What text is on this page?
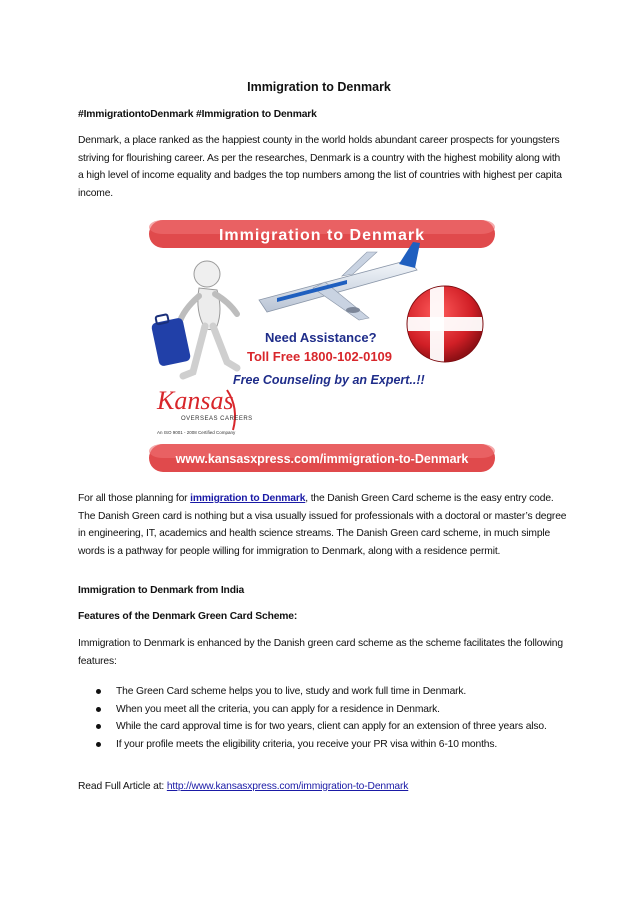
Immigration to Denmark
#ImmigrationtoDenmark #Immigration to Denmark
Denmark, a place ranked as the happiest county in the world holds abundant career prospects for youngsters striving for flourishing career. As per the researches, Denmark is a country with the highest mobility along with a high level of income equality and badges the top numbers among the list of countries with highest per capita income.
Immigration to Denmark
Need Assistance?
Toll Free 1800-102-0109
Free Counseling by an Expert..!!
Kansas
OVERSEAS CAREERS
An ISO 9001 - 2008 Certified Company
www.kansasxpress.com/immigration-to-Denmark
For all those planning for immigration to Denmark, the Danish Green Card scheme is the easy entry code. The Danish Green card is nothing but a visa usually issued for professionals with a doctoral or master’s degree in engineering, IT, academics and health science streams. The Danish Green card scheme, in much simple words is a pathway for people willing for immigration to Denmark, along with a residence permit.
Immigration to Denmark from India
Features of the Denmark Green Card Scheme:
Immigration to Denmark is enhanced by the Danish green card scheme as the scheme facilitates the following features:
The Green Card scheme helps you to live, study and work full time in Denmark.
When you meet all the criteria, you can apply for a residence in Denmark.
While the card approval time is for two years, client can apply for an extension of three years also.
If your profile meets the eligibility criteria, you receive your PR visa within 6-10 months.
Read Full Article at: http://www.kansasxpress.com/immigration-to-Denmark
